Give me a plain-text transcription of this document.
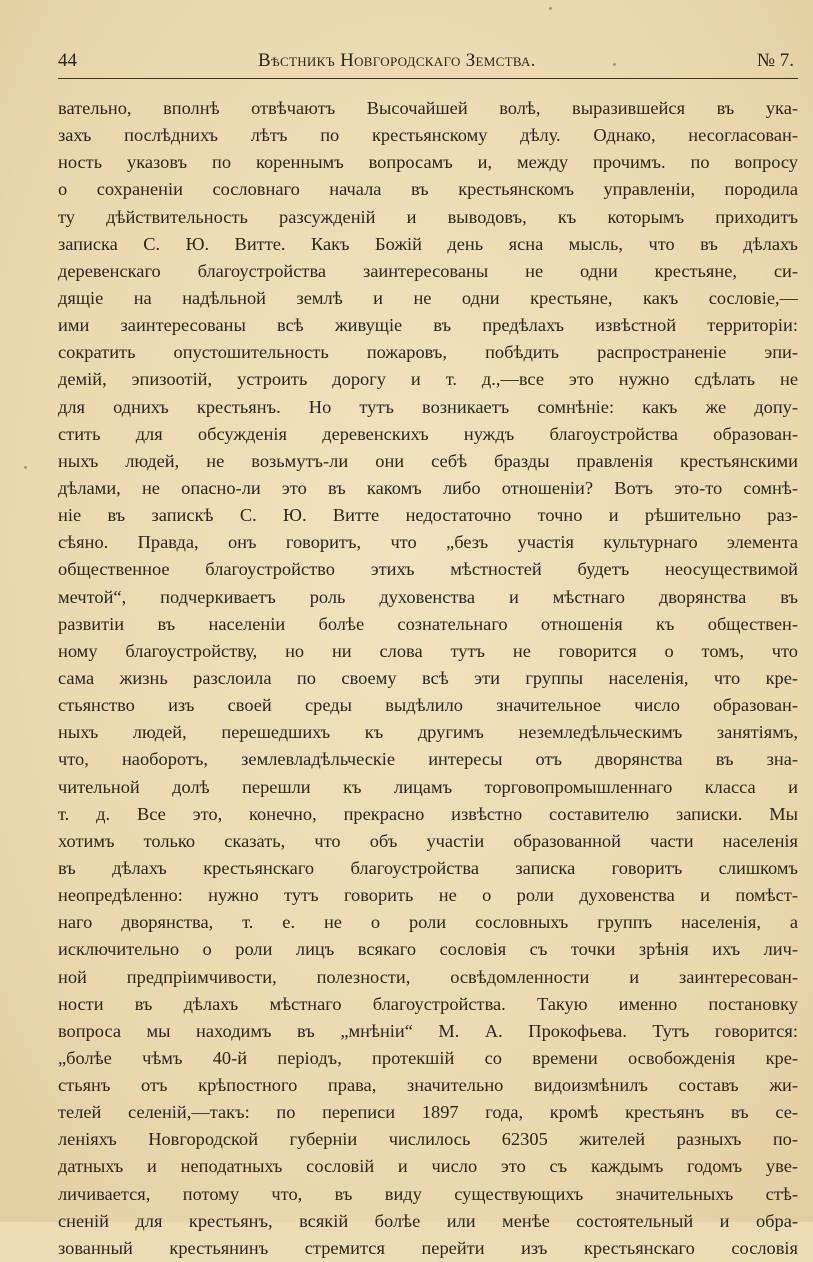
44	Вѣстникъ Новгородскаго Земства.	№ 7.
вательно, вполнѣ отвѣчаютъ Высочайшей волѣ, выразившейся въ ука-
захъ послѣднихъ лѣтъ по крестьянскому дѣлу. Однако, несогласован-
ность указовъ по кореннымъ вопросамъ и, между прочимъ. по вопросу
о сохраненіи сословнаго начала въ крестьянскомъ управленіи, породила
ту дѣйствительность разсужденій и выводовъ, къ которымъ приходитъ
записка С. Ю. Витте. Какъ Божій день ясна мысль, что въ дѣлахъ
деревенскаго благоустройства заинтересованы не одни крестьяне, си-
дящіе на надѣльной землѣ и не одни крестьяне, какъ сословіе,—
ими заинтересованы всѣ живущіе въ предѣлахъ извѣстной территоріи:
сократить опустошительность пожаровъ, побѣдить распространеніе эпи-
демій, эпизоотій, устроить дорогу и т. д.,—все это нужно сдѣлать не
для однихъ крестьянъ. Но тутъ возникаетъ сомнѣніе: какъ же допу-
стить для обсужденія деревенскихъ нуждъ благоустройства образован-
ныхъ людей, не возьмутъ-ли они себѣ бразды правленія крестьянскими
дѣлами, не опасно-ли это въ какомъ либо отношеніи? Вотъ это-то сомнѣ-
ніе въ запискѣ С. Ю. Витте недостаточно точно и рѣшительно раз-
сѣяно. Правда, онъ говоритъ, что „безъ участія культурнаго элемента
общественное благоустройство этихъ мѣстностей будетъ неосуществимой
мечтой“, подчеркиваетъ роль духовенства и мѣстнаго дворянства въ
развитіи въ населеніи болѣе сознательнаго отношенія къ обществен-
ному благоустройству, но ни слова тутъ не говорится о томъ, что
сама жизнь разслоила по своему всѣ эти группы населенія, что кре-
стьянство изъ своей среды выдѣлило значительное число образован-
ныхъ людей, перешедшихъ къ другимъ неземледѣльческимъ занятіямъ,
что, наоборотъ, землевладѣльческіе интересы отъ дворянства въ зна-
чительной долѣ перешли къ лицамъ торговопромышленнаго класса и
т. д. Все это, конечно, прекрасно извѣстно составителю записки. Мы
хотимъ только сказать, что объ участіи образованной части населенія
въ дѣлахъ крестьянскаго благоустройства записка говоритъ слишкомъ
неопредѣленно: нужно тутъ говорить не о роли духовенства и помѣст-
наго дворянства, т. е. не о роли сословныхъ группъ населенія, а
исключительно о роли лицъ всякаго сословія съ точки зрѣнія ихъ лич-
ной предпріимчивости, полезности, освѣдомленности и заинтересован-
ности въ дѣлахъ мѣстнаго благоустройства. Такую именно постановку
вопроса мы находимъ въ „мнѣніи“ М. А. Прокофьева. Тутъ говорится:
„болѣе чѣмъ 40-й періодъ, протекшій со времени освобожденія кре-
стьянъ отъ крѣпостного права, значительно видоизмѣнилъ составъ жи-
телей селеній,—такъ: по переписи 1897 года, кромѣ крестьянъ въ се-
леніяхъ Новгородской губерніи числилось 62305 жителей разныхъ по-
датныхъ и неподатныхъ сословій и число это съ каждымъ годомъ уве-
личивается, потому что, въ виду существующихъ значительныхъ стѣ-
сненій для крестьянъ, всякій болѣе или менѣе состоятельный и обра-
зованный крестьянинъ стремится перейти изъ крестьянскаго сословія
